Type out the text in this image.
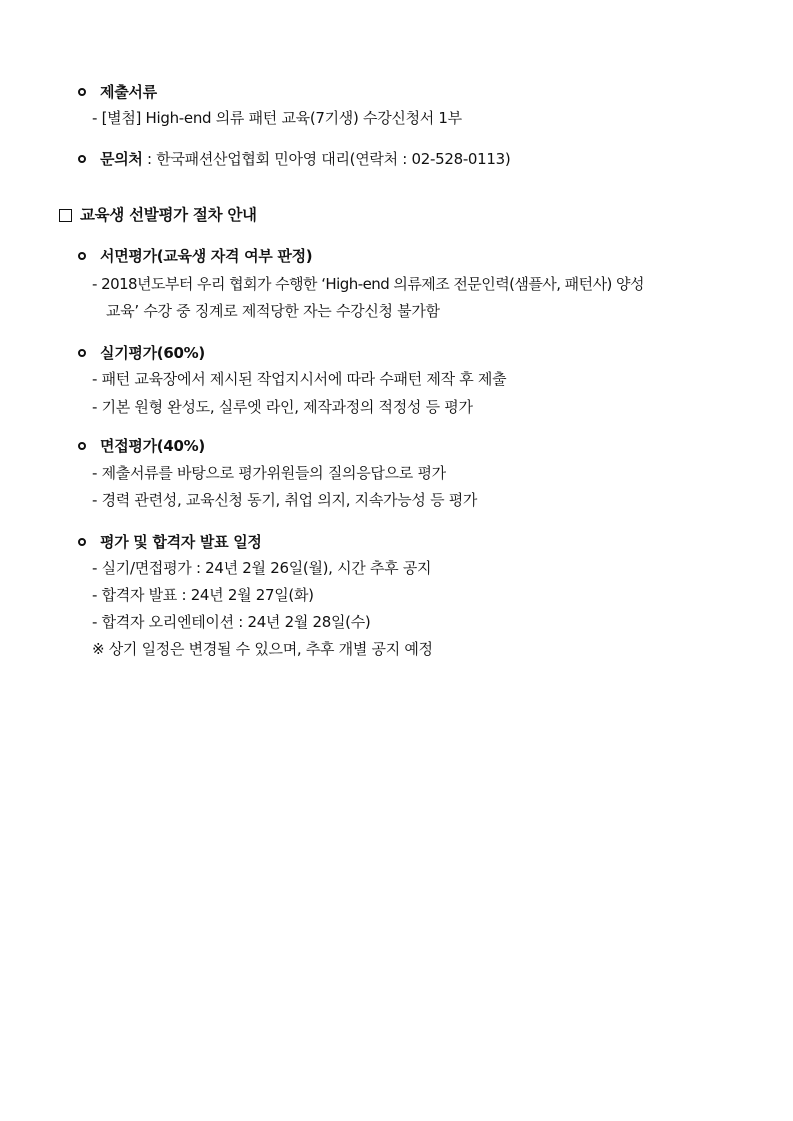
제출서류
- [별첨] High-end 의류 패턴 교육(7기생) 수강신청서 1부
문의처 : 한국패션산업협회 민아영 대리(연락처 : 02-528-0113)
교육생 선발평가 절차 안내
서면평가(교육생 자격 여부 판정)
- 2018년도부터 우리 협회가 수행한 ‘High-end 의류제조 전문인력(샘플사, 패턴사) 양성
교육’ 수강 중 징계로 제적당한 자는 수강신청 불가함
실기평가(60%)
- 패턴 교육장에서 제시된 작업지시서에 따라 수패턴 제작 후 제출
- 기본 원형 완성도, 실루엣 라인, 제작과정의 적정성 등 평가
면접평가(40%)
- 제출서류를 바탕으로 평가위원들의 질의응답으로 평가
- 경력 관련성, 교육신청 동기, 취업 의지, 지속가능성 등 평가
평가 및 합격자 발표 일정
- 실기/면접평가 : 24년 2월 26일(월), 시간 추후 공지
- 합격자 발표 : 24년 2월 27일(화)
- 합격자 오리엔테이션 : 24년 2월 28일(수)
※ 상기 일정은 변경될 수 있으며, 추후 개별 공지 예정
